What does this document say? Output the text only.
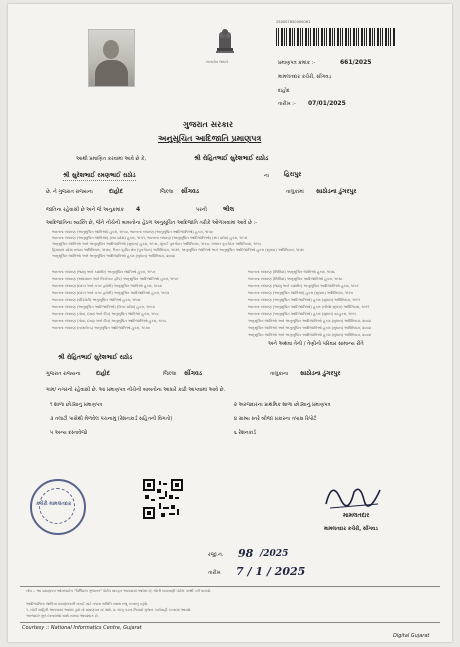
સત્યમેવ જયતે
250007850000061
પ્રમાણપત્ર ક્રમાંક :-	661/2025
મામલતદાર કચેરી, સીંગવડ
દાહોદ
તારીખ :- 07/01/2025
ગુજરાત સરકાર
અનુસૂચિત આદિજાતિ પ્રમાણપત્ર
આથી પ્રમાણિત કરવામાં આવે છે કે,	શ્રી રોહિતભાઈ સુરેશભાઈ રાઠોડ
શ્રી સુરેશભાઈ રમણભાઈ રાઠોડ	ના	હિરાપુર
છે. ને ગુજરાત રાજ્યના	દાહોદ	જિલ્લા સીંગવડ	તાલુકામાં સાઠોડના ડુંગરપુર
જાતિના રહેવાસી છે અને જે અનુક્રમાંક 4	પરની	ભીલ
આદિજાતિના વ્યક્તિ છે, જેને નીચેની બાબતોના હેઠળ અનુસૂચિત આદિજાતિ તરીકે ઓળખવામાં આવે છે :-
ભારતના બંધારણ (અનુસૂચિત જાતિઓ) હુકમ, ૧૯૫૦, ભારતના બંધારણ (અનુસૂચિત આદિજાતિઓ) હુકમ, ૧૯૫૦
ભારતના બંધારણ (અનુસૂચિત જાતિઓ) (સંઘ પ્રદેશ) હુકમ, ૧૯૫૧, ભારતના બંધારણ (અનુસૂચિત આદિજાતિઓ) (સંઘ પ્રદેશ) હુકમ, ૧૯૫૧
અનુસૂચિત જાતિઓ અને અનુસૂચિત આદિજાતિઓ (સુધારા) હુકમ, ૧૯૫૬, મુંબઈ પુનર્ગઠન અધિનિયમ, ૧૯૬૦, પંજાબ પુનર્ગઠન અધિનિયમ, ૧૯૬૬
હિમાચલ પ્રદેશ રાજ્ય અધિનિયમ, ૧૯૭૦, ઉત્તર પૂર્વીય ક્ષેત્ર (પુનર્ગઠન) અધિનિયમ, ૧૯૭૧, અનુસૂચિત જાતિઓ અને અનુસૂચિત આદિજાતિઓ હુકમ (સુધારા) અધિનિયમ, ૧૯૭૬
અનુસૂચિત જાતિઓ અને અનુસૂચિત આદિજાતિઓ હુકમ (સુધારા) અધિનિયમ, ૨૦૦૨
ભારતના બંધારણ (જમ્મુ અને કાશ્મીર) અનુસૂચિત જાતિઓ હુકમ, ૧૯૫૬
ભારતના બંધારણ (આંદામાન અને નિકોબાર દ્વીપ) અનુસૂચિત આદિજાતિઓ હુકમ, ૧૯૫૯
ભારતના બંધારણ (દાદરા અને નગર હવેલી) અનુસૂચિત જાતિઓ હુકમ, ૧૯૬૨
ભારતના બંધારણ (દાદરા અને નગર હવેલી) અનુસૂચિત આદિજાતિઓ હુકમ, ૧૯૬૨
ભારતના બંધારણ (પોંડિચેરી) અનુસૂચિત જાતિઓ હુકમ, ૧૯૬૪
ભારતના બંધારણ (અનુસૂચિત આદિજાતિઓ) (ઉત્તર પ્રદેશ) હુકમ, ૧૯૬૭
ભારતના બંધારણ (ગોવા, દમણ અને દીવ) અનુસૂચિત જાતિઓ હુકમ, ૧૯૬૮
ભારતના બંધારણ (ગોવા, દમણ અને દીવ) અનુસૂચિત આદિજાતિઓ હુકમ, ૧૯૬૮
ભારતના બંધારણ (નાગાલેન્ડ) અનુસૂચિત આદિજાતિઓ હુકમ, ૧૯૭૦
ભારતના બંધારણ (સિક્કિમ) અનુસૂચિત જાતિઓ હુકમ, ૧૯૭૮
ભારતના બંધારણ (સિક્કિમ) અનુસૂચિત આદિજાતિઓ હુકમ, ૧૯૭૮
ભારતના બંધારણ (જમ્મુ અને કાશ્મીર) અનુસૂચિત આદિજાતિઓ હુકમ, ૧૯૮૯
ભારતના બંધારણ (અનુસૂચિત જાતિઓ) હુકમ (સુધારા) અધિનિયમ, ૧૯૯૦
ભારતના બંધારણ (અનુસૂચિત આદિજાતિઓ) હુકમ (સુધારા) અધિનિયમ, ૧૯૯૧
ભારતના બંધારણ (અનુસૂચિત આદિજાતિઓ) હુકમ (બીજો સુધારા) અધિનિયમ, ૧૯૯૧
ભારતના બંધારણ (અનુસૂચિત આદિજાતિઓ) હુકમ (સુધારા) વટહુકમ, ૧૯૯૬
અનુસૂચિત જાતિઓ અને અનુસૂચિત આદિજાતિઓ હુકમ (સુધારા) અધિનિયમ, ૨૦૦૨
અનુસૂચિત જાતિઓ અને અનુસૂચિત આદિજાતિઓ હુકમ (સુધારા) અધિનિયમ, ૨૦૦૨
અનુસૂચિત જાતિઓ અને અનુસૂચિત આદિજાતિઓ હુકમ (સુધારા) અધિનિયમ, ૨૦૦૨
અને અથવા તેની / તેણીનો પરિવાર સામાન્ય રીતે
શ્રી રોહિતભાઈ સુરેશભાઈ રાઠોડ
ગુજરાત રાજ્યના	દાહોદ	જિલ્લા સીંગવડ	તાલુકાના સાઠોડના ડુંગરપુર
ગામ/ નગરનો રહેવાસી છે. આ પ્રમાણપત્ર નીચેની બાબતોના આધારે કાઢી આપવામાં આવે છે.
૧ શાળા છોડ્યાનું પ્રમાણપત્ર	૨ અરજદારના પ્રાથમિક શાળા છોડ્યાનું પ્રમાણપત્ર
૩ તલાટી પાસેથી મેળવેલ પંચનામું (રેશનકાર્ડ સહિતની વિગતો)	૪ ગ્રામ્ય સ્તરે બીજા પ્રકારના તપાસ રિપોર્ટ
૫ અન્ય દસ્તાવેજો	૬ રેશનકાર્ડ
કચેરી મામલતદાર
મામલતદાર
મામલતદાર કચેરી, સીંગવડ
રજી.નં. 98 /2025
તારીખ 7 / 1 / 2025
નોંધ :- આ પ્રમાણપત્ર ઓનલાઈન "ડિજિટલ ગુજરાત" પોર્ટલ મારફત આપવામાં આવેલ છે, જેની ચકાસણી પોર્ટલ પરથી કરી શકાશે.
આદિજાતિના જાતિના પ્રમાણપત્રની ખરાઈ માટે તપાસ સમિતિ સમક્ષ રજૂ કરવાનું રહેશે.
૧. ખોટી માહિતી આપવામાં આવેલ હશે તો પ્રમાણપત્ર રદ થશે. ૨. લાગુ પડતા નિયમો મુજબ કાર્યવાહી કરવામાં આવશે.
અરજદારે મૂળ દસ્તાવેજો સાથે રાખવા આવશ્યક છે.
Courtesy :: National Informatics Centre, Gujarat
Digital Gujarat
